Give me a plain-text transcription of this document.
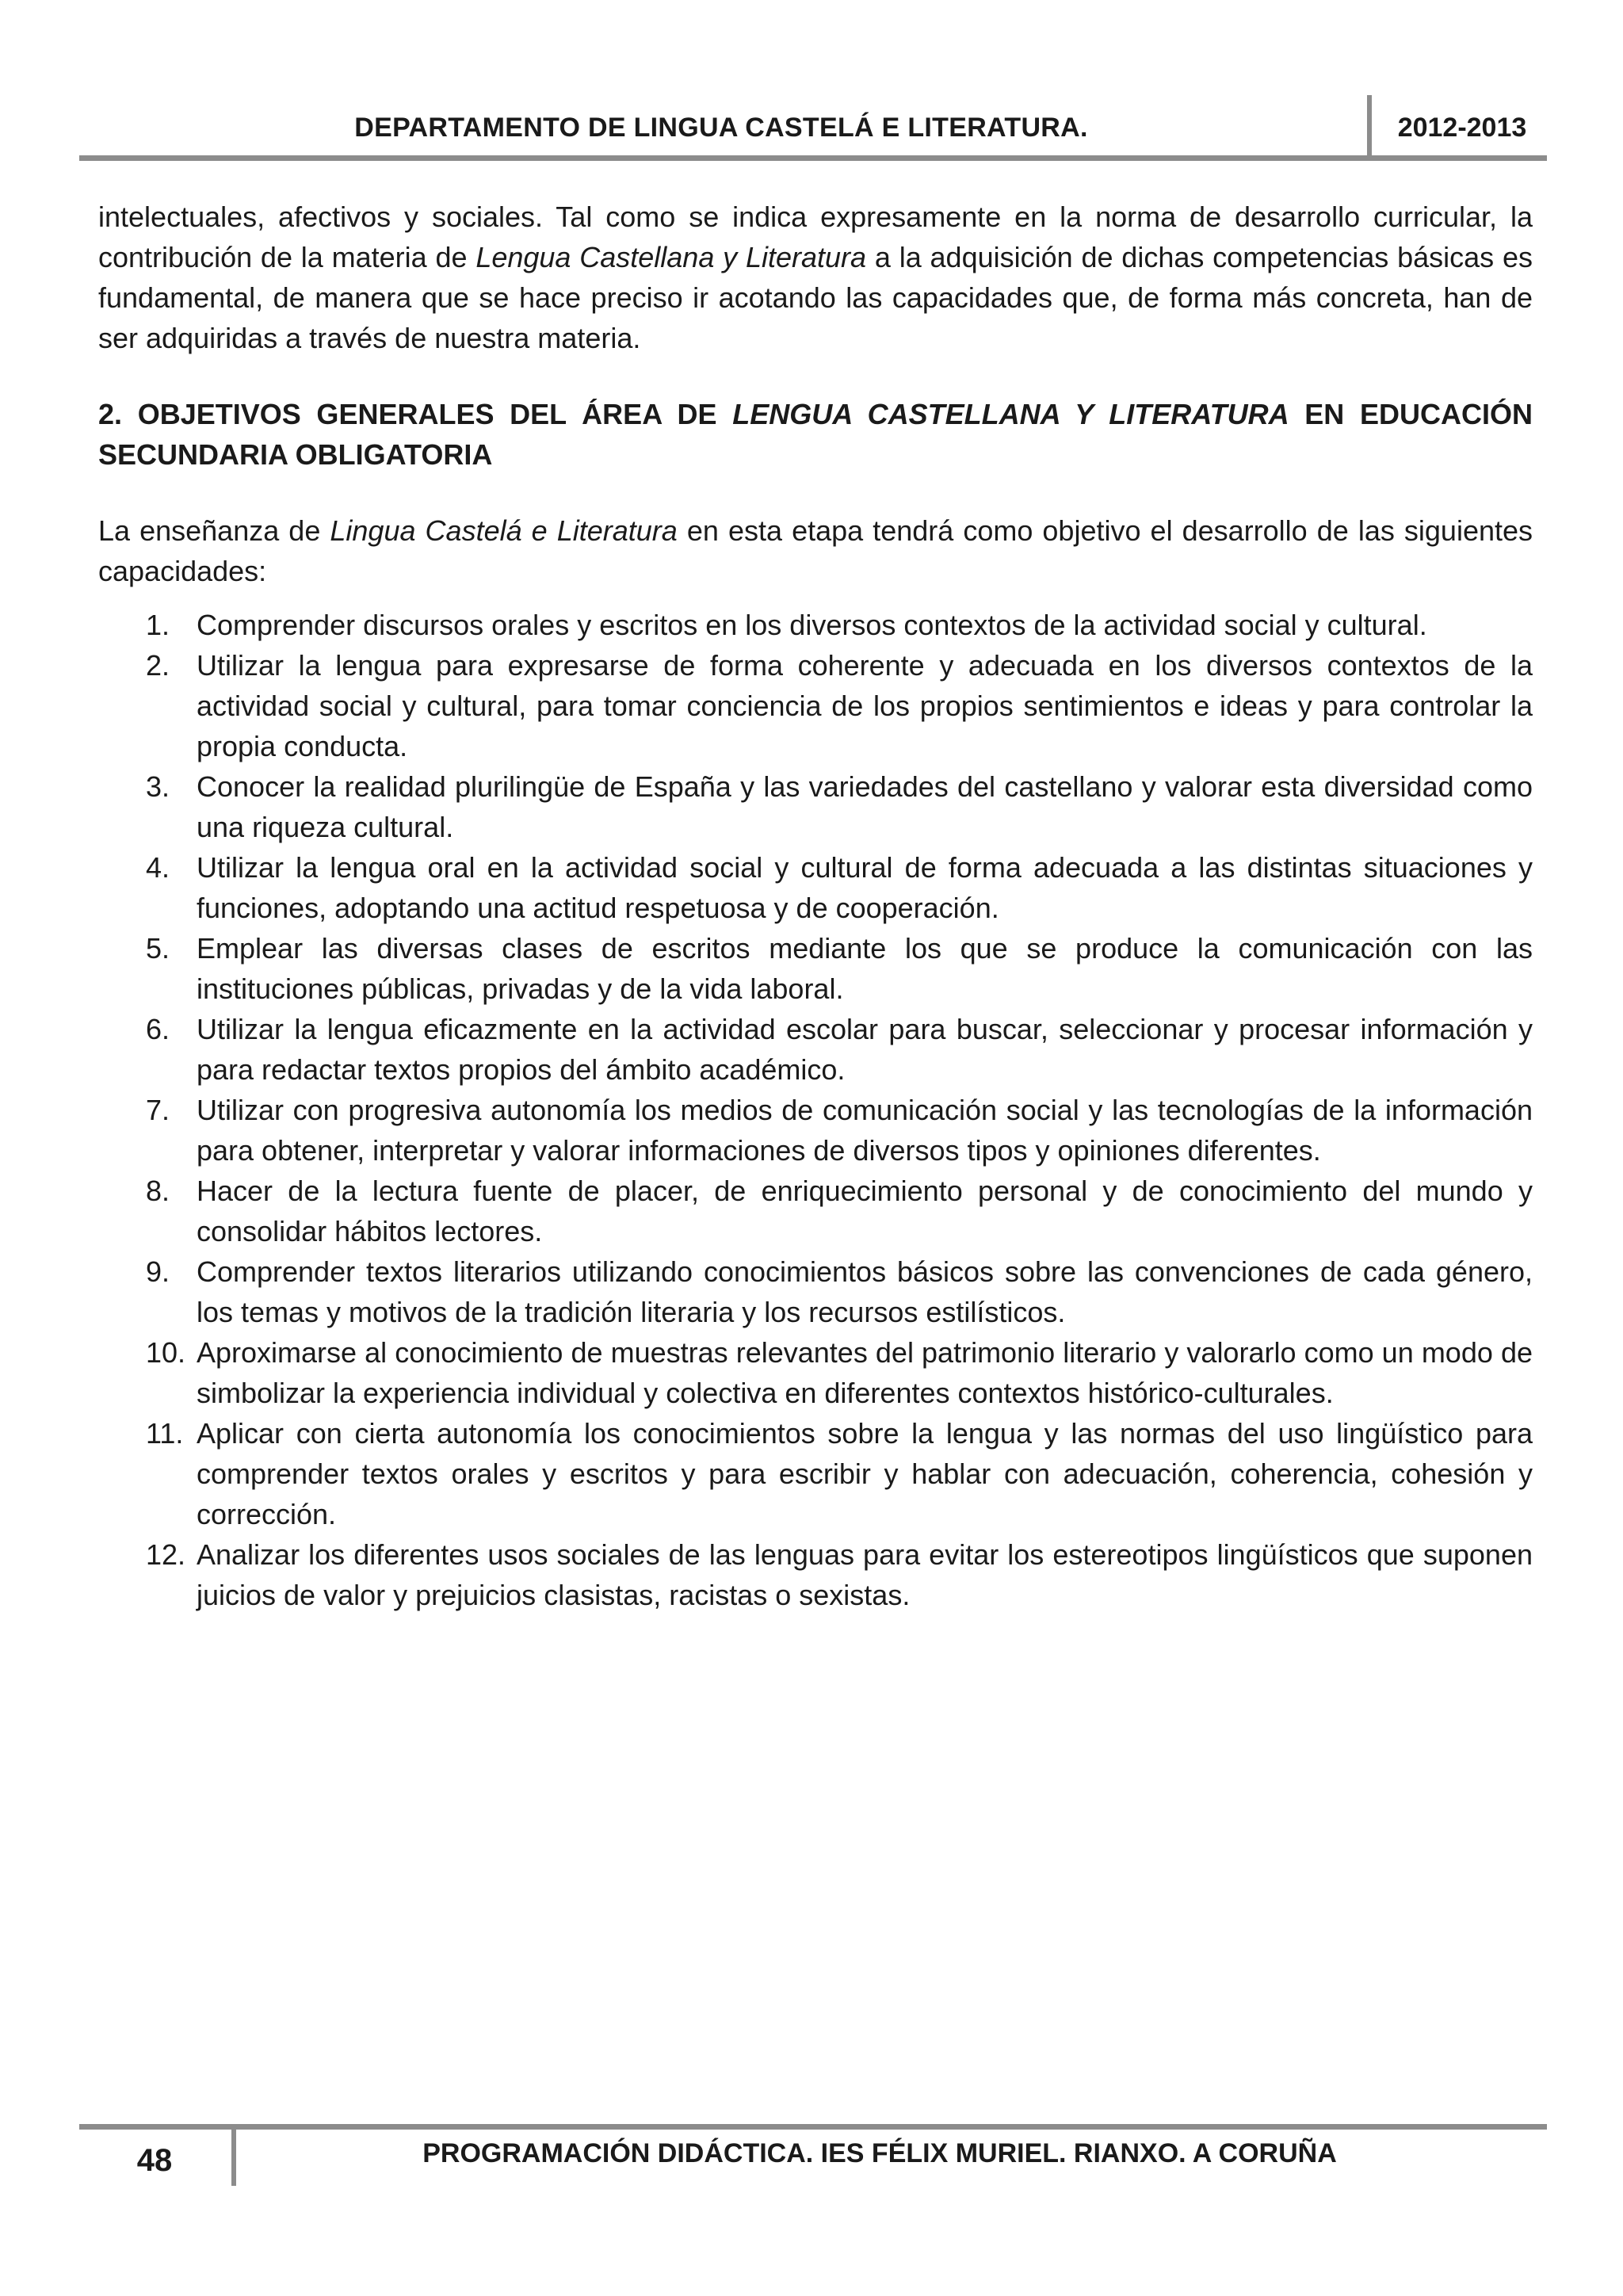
DEPARTAMENTO DE LINGUA CASTELÁ E LITERATURA.	2012-2013

intelectuales, afectivos y sociales. Tal como se indica expresamente en la norma de desarrollo curricular, la contribución de la materia de Lengua Castellana y Literatura a la adquisición de dichas competencias básicas es fundamental, de manera que se hace preciso ir acotando las capacidades que, de forma más concreta, han de ser adquiridas a través de nuestra materia.

2. OBJETIVOS GENERALES DEL ÁREA DE LENGUA CASTELLANA Y LITERATURA EN EDUCACIÓN SECUNDARIA OBLIGATORIA

La enseñanza de Lingua Castelá e Literatura en esta etapa tendrá como objetivo el desarrollo de las siguientes capacidades:

1. Comprender discursos orales y escritos en los diversos contextos de la actividad social y cultural.
2. Utilizar la lengua para expresarse de forma coherente y adecuada en los diversos contextos de la actividad social y cultural, para tomar conciencia de los propios sentimientos e ideas y para controlar la propia conducta.
3. Conocer la realidad plurilingüe de España y las variedades del castellano y valorar esta diversidad como una riqueza cultural.
4. Utilizar la lengua oral en la actividad social y cultural de forma adecuada a las distintas situaciones y funciones, adoptando una actitud respetuosa y de cooperación.
5. Emplear las diversas clases de escritos mediante los que se produce la comunicación con las instituciones públicas, privadas y de la vida laboral.
6. Utilizar la lengua eficazmente en la actividad escolar para buscar, seleccionar y procesar información y para redactar textos propios del ámbito académico.
7. Utilizar con progresiva autonomía los medios de comunicación social y las tecnologías de la información para obtener, interpretar y valorar informaciones de diversos tipos y opiniones diferentes.
8. Hacer de la lectura fuente de placer, de enriquecimiento personal y de conocimiento del mundo y consolidar hábitos lectores.
9. Comprender textos literarios utilizando conocimientos básicos sobre las convenciones de cada género, los temas y motivos de la tradición literaria y los recursos estilísticos.
10. Aproximarse al conocimiento de muestras relevantes del patrimonio literario y valorarlo como un modo de simbolizar la experiencia individual y colectiva en diferentes contextos histórico-culturales.
11. Aplicar con cierta autonomía los conocimientos sobre la lengua y las normas del uso lingüístico para comprender textos orales y escritos y para escribir y hablar con adecuación, coherencia, cohesión y corrección.
12. Analizar los diferentes usos sociales de las lenguas para evitar los estereotipos lingüísticos que suponen juicios de valor y prejuicios clasistas, racistas o sexistas.
48	PROGRAMACIÓN DIDÁCTICA. IES FÉLIX MURIEL. RIANXO. A CORUÑA
